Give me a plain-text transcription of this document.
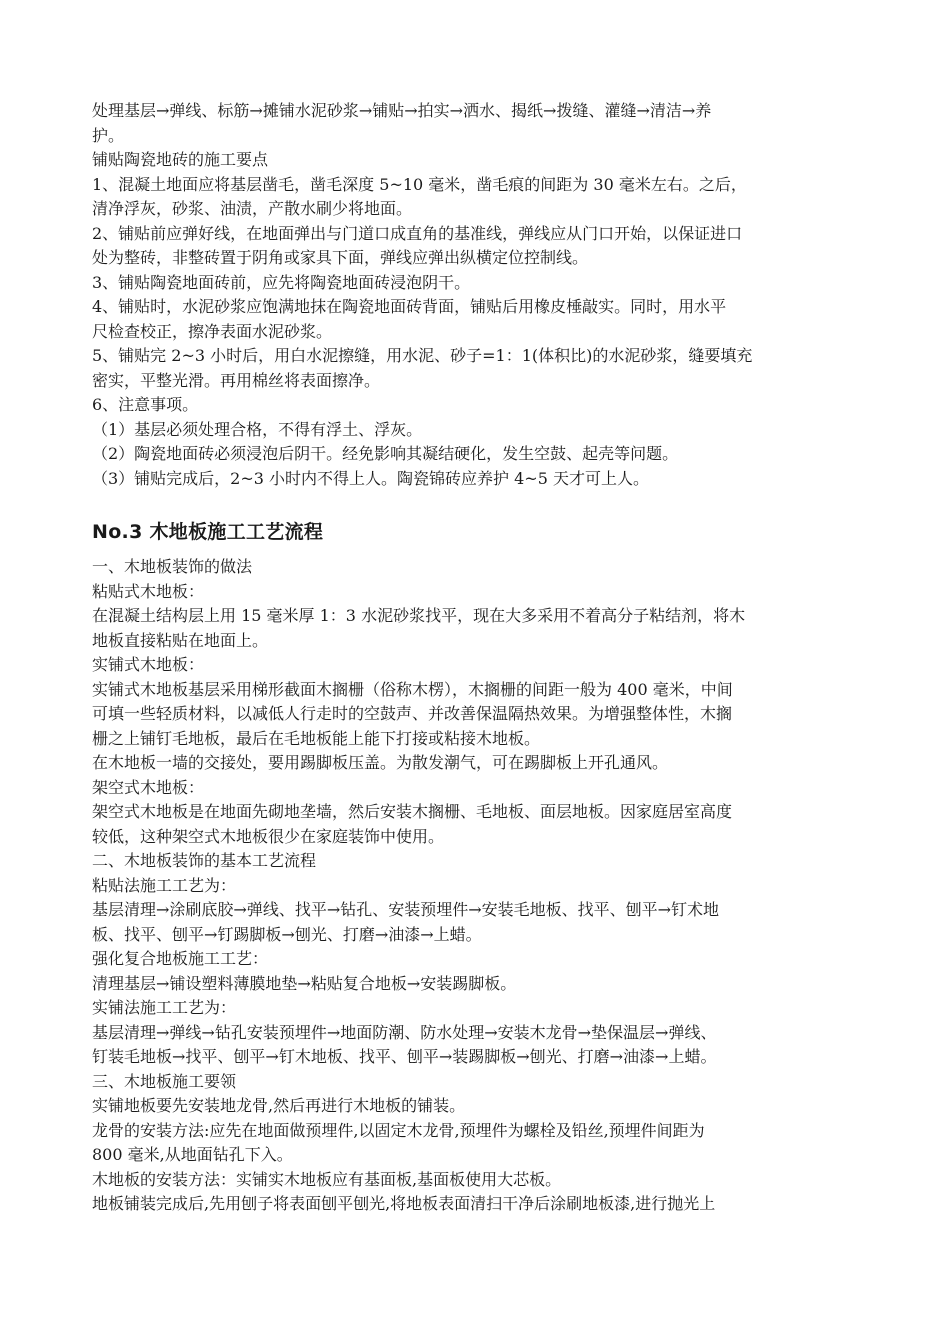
处理基层→弹线、标筋→摊铺水泥砂浆→铺贴→拍实→洒水、揭纸→拨缝、灌缝→清洁→养

护。

铺贴陶瓷地砖的施工要点

1、混凝土地面应将基层凿毛，凿毛深度 5~10 毫米，凿毛痕的间距为 30 毫米左右。之后，

清净浮灰，砂浆、油渍，产散水刷少将地面。

2、铺贴前应弹好线，在地面弹出与门道口成直角的基准线，弹线应从门口开始，以保证进口

处为整砖，非整砖置于阴角或家具下面，弹线应弹出纵横定位控制线。

3、铺贴陶瓷地面砖前，应先将陶瓷地面砖浸泡阴干。

4、铺贴时，水泥砂浆应饱满地抹在陶瓷地面砖背面，铺贴后用橡皮棰敲实。同时，用水平

尺检查校正，擦净表面水泥砂浆。

5、铺贴完 2~3 小时后，用白水泥擦缝，用水泥、砂子=1：1(体积比)的水泥砂浆，缝要填充

密实，平整光滑。再用棉丝将表面擦净。

6、注意事项。

（1）基层必须处理合格，不得有浮土、浮灰。

（2）陶瓷地面砖必须浸泡后阴干。经免影响其凝结硬化，发生空鼓、起壳等问题。

（3）铺贴完成后，2~3 小时内不得上人。陶瓷锦砖应养护 4~5 天才可上人。

No.3 木地板施工工艺流程

一、木地板装饰的做法

粘贴式木地板：

在混凝土结构层上用 15 毫米厚 1：3 水泥砂浆找平，现在大多采用不着高分子粘结剂，将木

地板直接粘贴在地面上。

实铺式木地板：

实铺式木地板基层采用梯形截面木搁栅（俗称木楞），木搁栅的间距一般为 400 毫米，中间

可填一些轻质材料，以减低人行走时的空鼓声、并改善保温隔热效果。为增强整体性，木搁

栅之上铺钉毛地板，最后在毛地板能上能下打接或粘接木地板。

在木地板一墙的交接处，要用踢脚板压盖。为散发潮气，可在踢脚板上开孔通风。

架空式木地板：

架空式木地板是在地面先砌地垄墙，然后安装木搁栅、毛地板、面层地板。因家庭居室高度

较低，这种架空式木地板很少在家庭装饰中使用。

二、木地板装饰的基本工艺流程

粘贴法施工工艺为：

基层清理→涂刷底胶→弹线、找平→钻孔、安装预埋件→安装毛地板、找平、刨平→钉术地

板、找平、刨平→钉踢脚板→刨光、打磨→油漆→上蜡。

强化复合地板施工工艺：

清理基层→铺设塑料薄膜地垫→粘贴复合地板→安装踢脚板。

实铺法施工工艺为：

基层清理→弹线→钻孔安装预埋件→地面防潮、防水处理→安装木龙骨→垫保温层→弹线、

钉装毛地板→找平、刨平→钉木地板、找平、刨平→装踢脚板→刨光、打磨→油漆→上蜡。

三、木地板施工要领

实铺地板要先安装地龙骨,然后再进行木地板的铺装。

龙骨的安装方法:应先在地面做预埋件,以固定木龙骨,预埋件为螺栓及铅丝,预埋件间距为

800 毫米,从地面钻孔下入。

木地板的安装方法：实铺实木地板应有基面板,基面板使用大芯板。

地板铺装完成后,先用刨子将表面刨平刨光,将地板表面清扫干净后涂刷地板漆,进行抛光上
